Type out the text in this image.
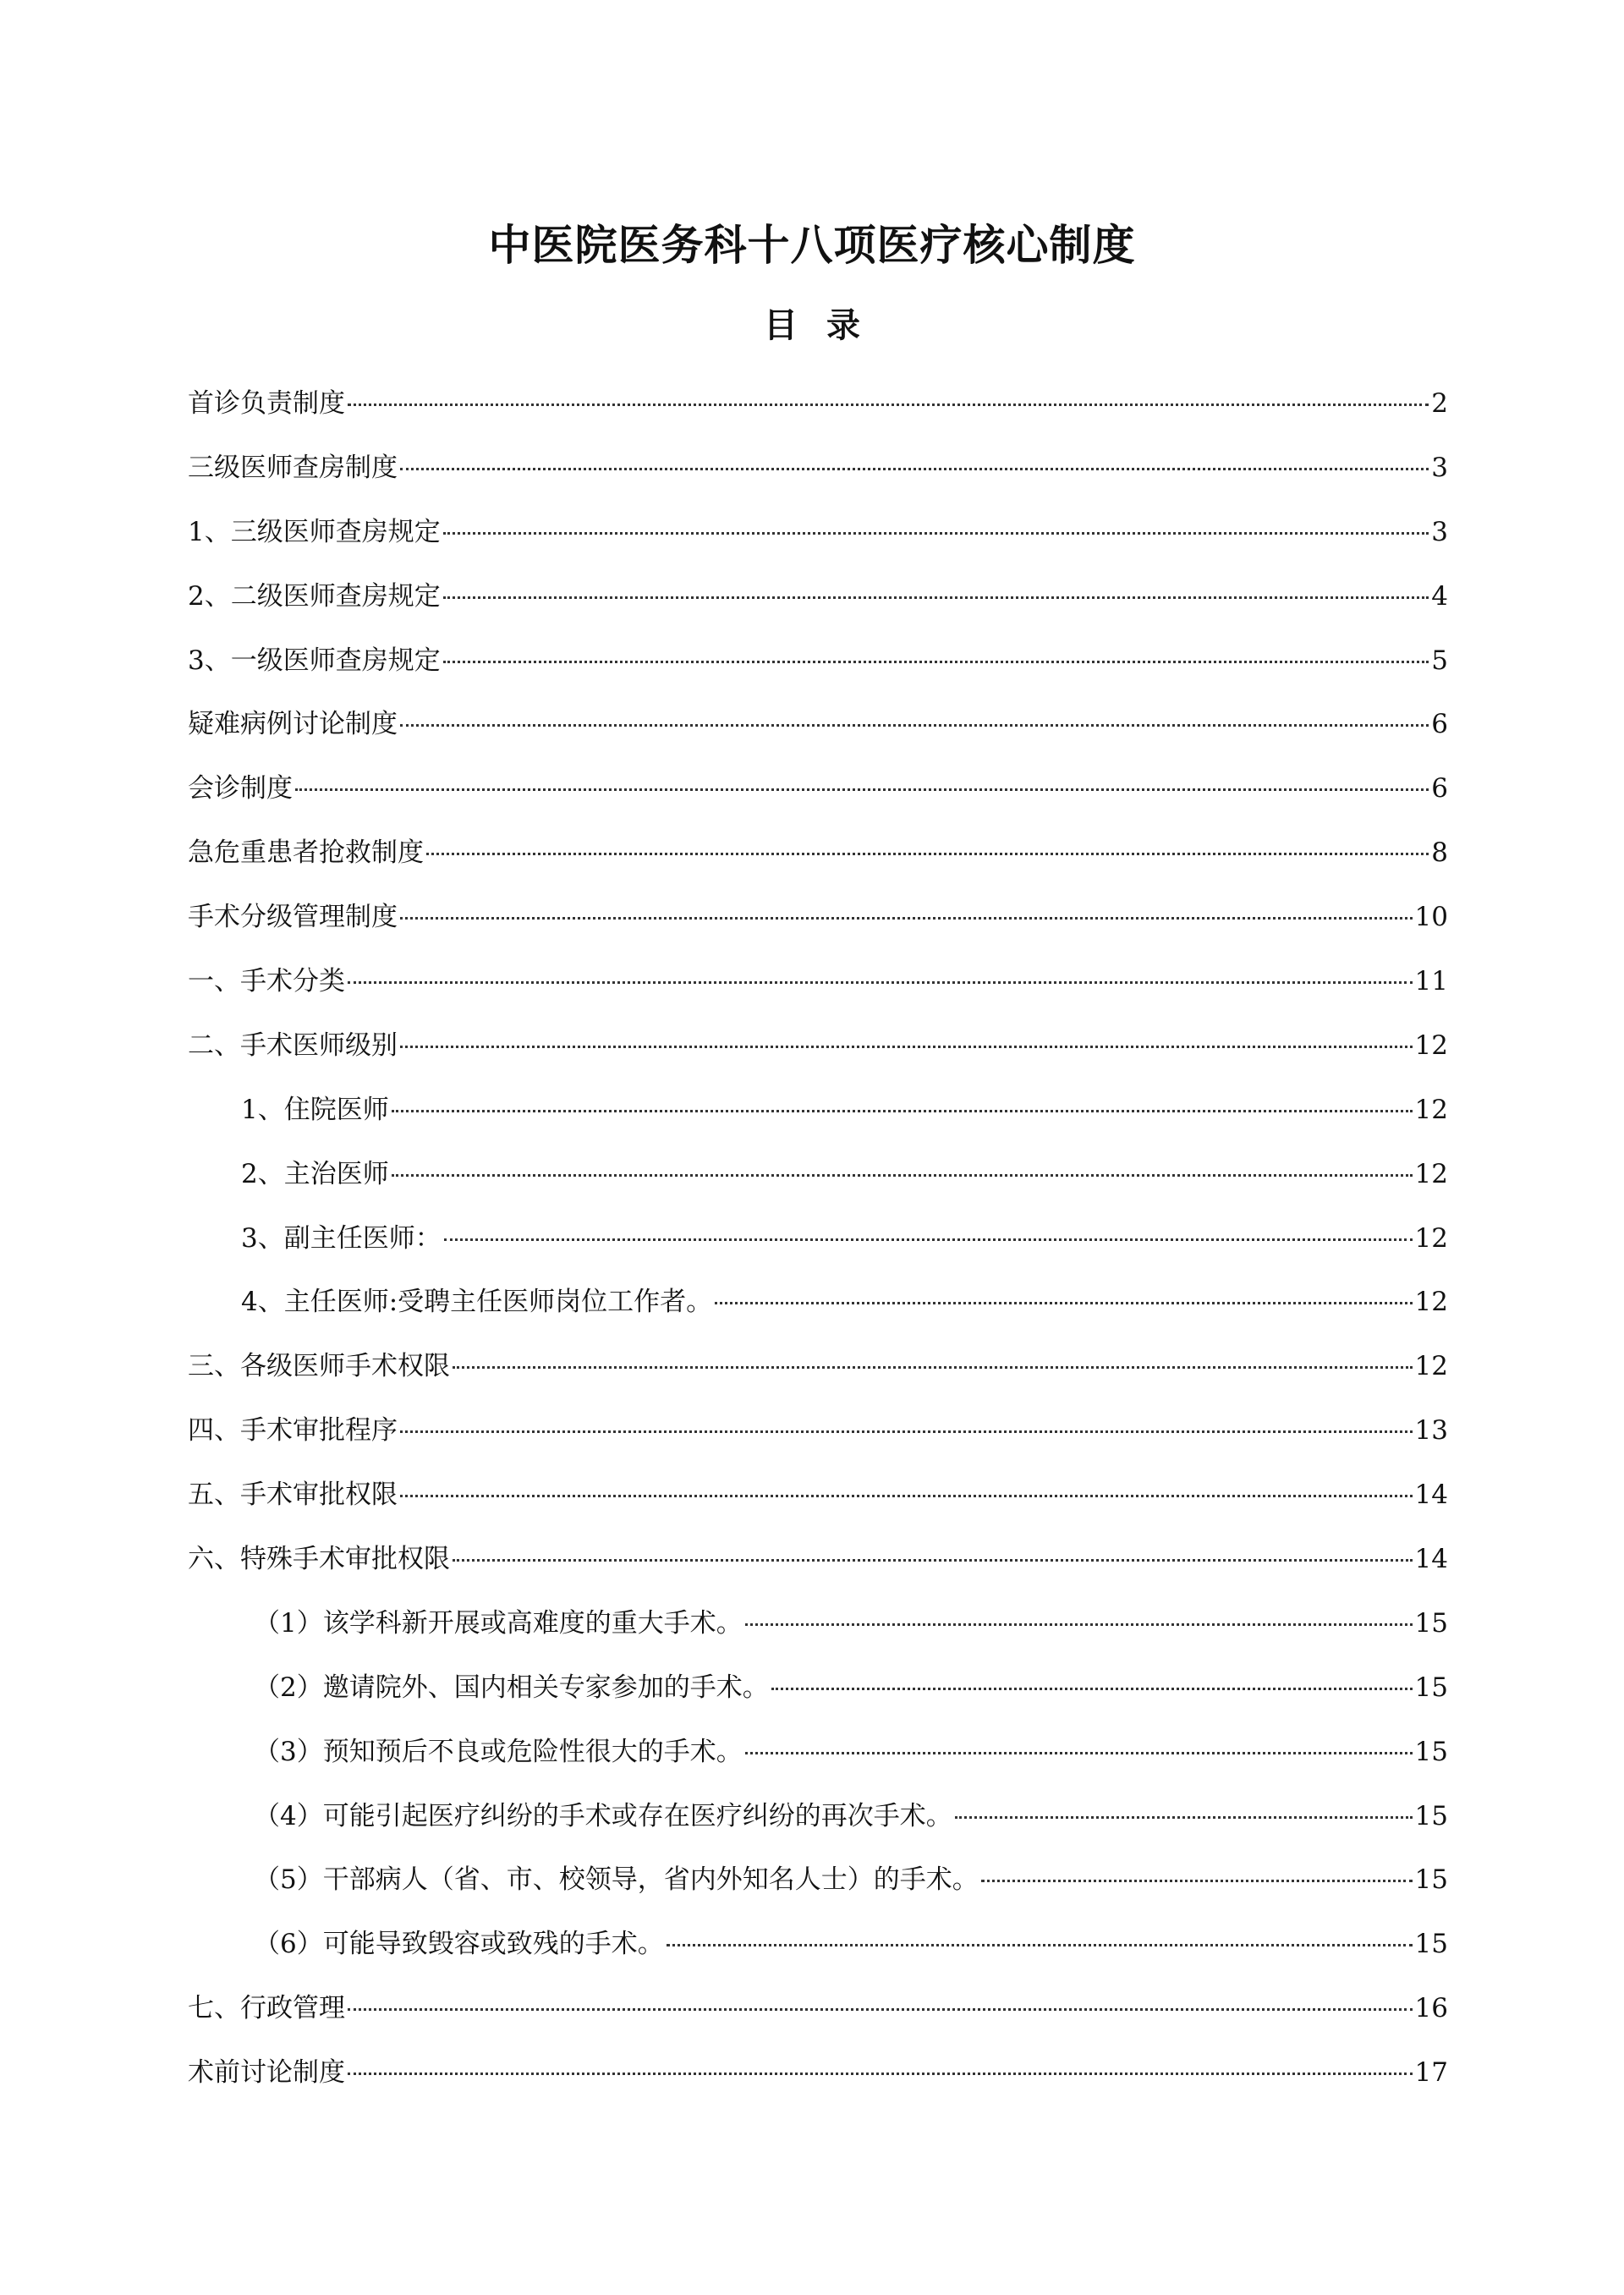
中医院医务科十八项医疗核心制度
目 录
首诊负责制度	2
三级医师查房制度	3
1、三级医师查房规定	3
2、二级医师查房规定	4
3、一级医师查房规定	5
疑难病例讨论制度	6
会诊制度	6
急危重患者抢救制度	8
手术分级管理制度	10
一、手术分类	11
二、手术医师级别	12
1、住院医师	12
2、主治医师	12
3、副主任医师：	12
4、主任医师:受聘主任医师岗位工作者。	12
三、各级医师手术权限	12
四、手术审批程序	13
五、手术审批权限	14
六、特殊手术审批权限	14
（1）该学科新开展或高难度的重大手术。	15
（2）邀请院外、国内相关专家参加的手术。	15
（3）预知预后不良或危险性很大的手术。	15
（4）可能引起医疗纠纷的手术或存在医疗纠纷的再次手术。	15
（5）干部病人（省、市、校领导，省内外知名人士）的手术。	15
（6）可能导致毁容或致残的手术。	15
七、行政管理	16
术前讨论制度	17
